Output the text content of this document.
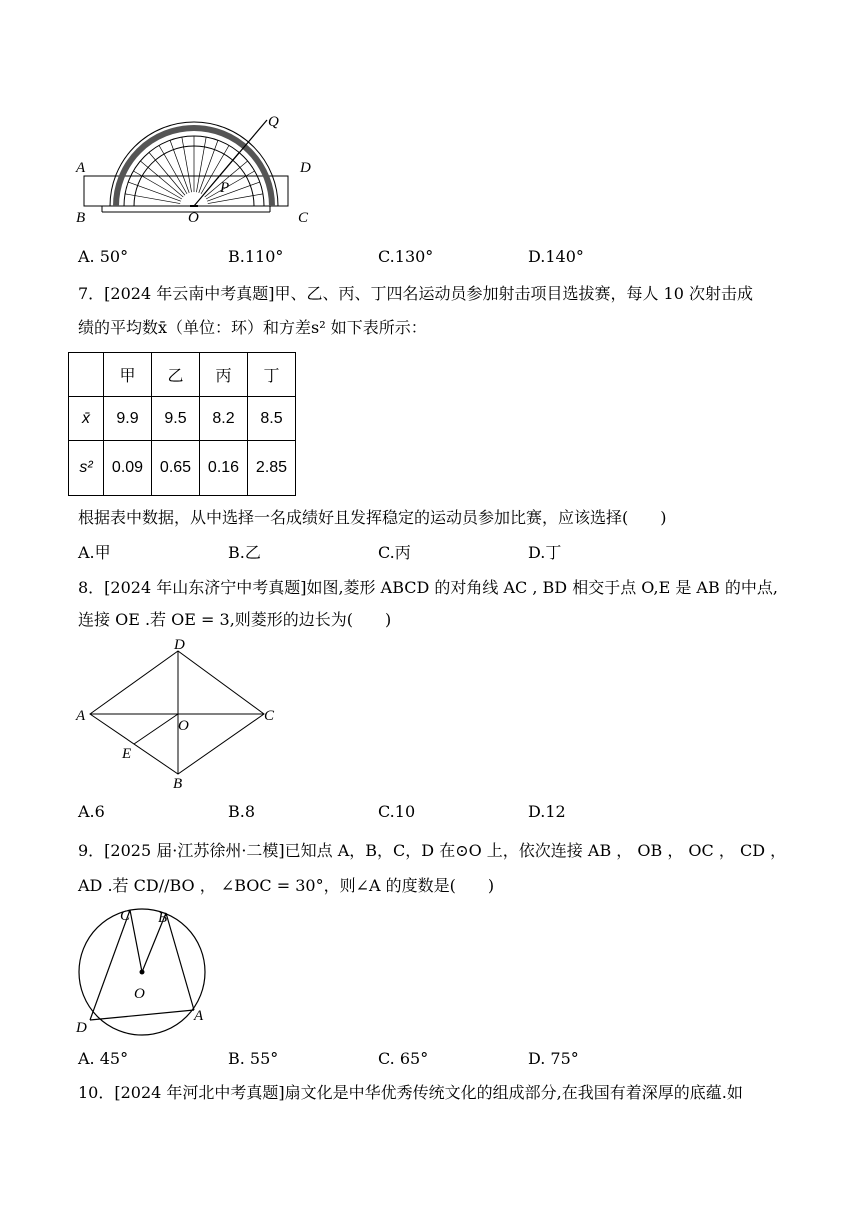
A
B	O	C
D
P
Q
A. 50°	B.110°	C.130°	D.140°
7．[2024 年云南中考真题]甲、乙、丙、丁四名运动员参加射击项目选拔赛，每人 10 次射击成
绩的平均数x̄（单位：环）和方差s² 如下表所示：
	甲	乙	丙	丁
x̄	9.9	9.5	8.2	8.5
s²	0.09	0.65	0.16	2.85
根据表中数据，从中选择一名成绩好且发挥稳定的运动员参加比赛，应该选择(　　)
A.甲	B.乙	C.丙	D.丁
8．[2024 年山东济宁中考真题]如图,菱形 ABCD 的对角线 AC , BD 相交于点 O,E 是 AB 的中点,
连接 OE .若 OE = 3,则菱形的边长为(　　)
D
A	C
O
E
B
A.6	B.8	C.10	D.12
9．[2025 届·江苏徐州·二模]已知点 A，B，C，D 在⊙O 上，依次连接 AB ， OB ， OC ， CD ，
AD .若 CD//BO ， ∠BOC = 30°，则∠A 的度数是(　　)
C B
O
D
A
A. 45°	B. 55°	C. 65°	D. 75°
10．[2024 年河北中考真题]扇文化是中华优秀传统文化的组成部分,在我国有着深厚的底蕴.如
